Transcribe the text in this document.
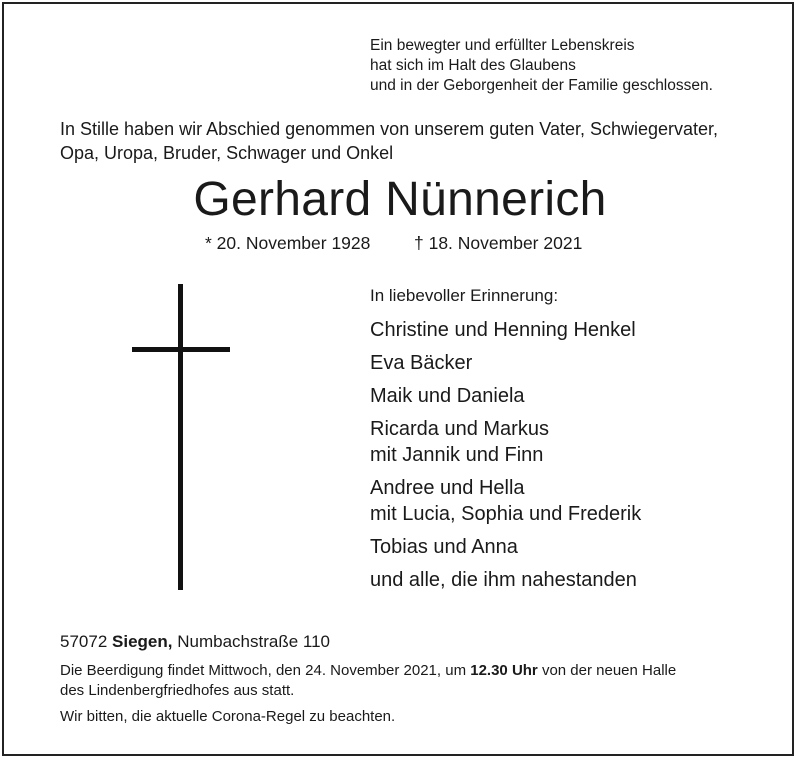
Ein bewegter und erfüllter Lebenskreis
hat sich im Halt des Glaubens
und in der Geborgenheit der Familie geschlossen.
In Stille haben wir Abschied genommen von unserem guten Vater, Schwiegervater,
Opa, Uropa, Bruder, Schwager und Onkel
Gerhard Nünnerich
* 20. November 1928 † 18. November 2021
In liebevoller Erinnerung:
Christine und Henning Henkel
Eva Bäcker
Maik und Daniela
Ricarda und Markus
mit Jannik und Finn
Andree und Hella
mit Lucia, Sophia und Frederik
Tobias und Anna
und alle, die ihm nahestanden
57072 Siegen, Numbachstraße 110
Die Beerdigung findet Mittwoch, den 24. November 2021, um 12.30 Uhr von der neuen Halle
des Lindenbergfriedhofes aus statt.
Wir bitten, die aktuelle Corona-Regel zu beachten.
